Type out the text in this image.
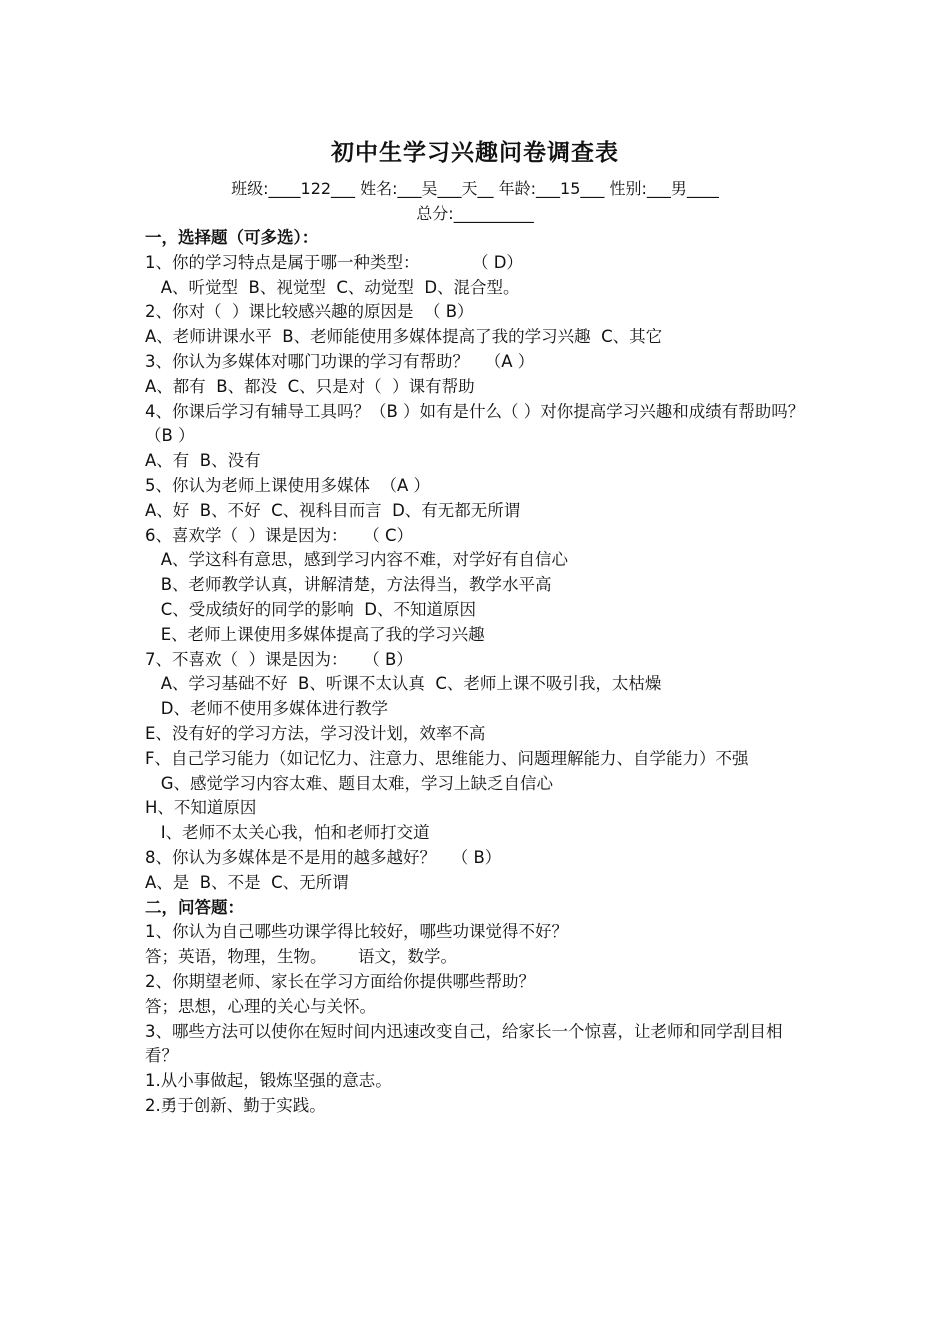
初中生学习兴趣问卷调查表
班级:____122___ 姓名:___吴___天__ 年龄:___15___ 性别:___男____
总分:__________
一，选择题（可多选）：
1、你的学习特点是属于哪一种类型：          （ D）
A、听觉型  B、视觉型  C、动觉型  D、混合型。
2、你对（  ）课比较感兴趣的原因是  （ B）
A、老师讲课水平  B、老师能使用多媒体提高了我的学习兴趣  C、其它
3、你认为多媒体对哪门功课的学习有帮助？   （A ）
A、都有  B、都没  C、只是对（  ）课有帮助
4、你课后学习有辅导工具吗？（B ）如有是什么（ ）对你提高学习兴趣和成绩有帮助吗？（B ）
A、有  B、没有
5、你认为老师上课使用多媒体  （A ）
A、好  B、不好  C、视科目而言  D、有无都无所谓
6、喜欢学（  ）课是因为：   （ C）
A、学这科有意思，感到学习内容不难，对学好有自信心
B、老师教学认真，讲解清楚，方法得当，教学水平高
C、受成绩好的同学的影响  D、不知道原因
E、老师上课使用多媒体提高了我的学习兴趣
7、不喜欢（  ）课是因为：   （ B）
A、学习基础不好  B、听课不太认真  C、老师上课不吸引我，太枯燥
D、老师不使用多媒体进行教学
E、没有好的学习方法，学习没计划，效率不高
F、自己学习能力（如记忆力、注意力、思维能力、问题理解能力、自学能力）不强
G、感觉学习内容太难、题目太难，学习上缺乏自信心
H、不知道原因
I、老师不太关心我，怕和老师打交道
8、你认为多媒体是不是用的越多越好？   （ B）
A、是  B、不是  C、无所谓
二，问答题：
1、你认为自己哪些功课学得比较好，哪些功课觉得不好？
答；英语，物理，生物。      语文，数学。
2、你期望老师、家长在学习方面给你提供哪些帮助？
答；思想，心理的关心与关怀。
3、哪些方法可以使你在短时间内迅速改变自己，给家长一个惊喜，让老师和同学刮目相看？
1.从小事做起，锻炼坚强的意志。
2.勇于创新、勤于实践。
